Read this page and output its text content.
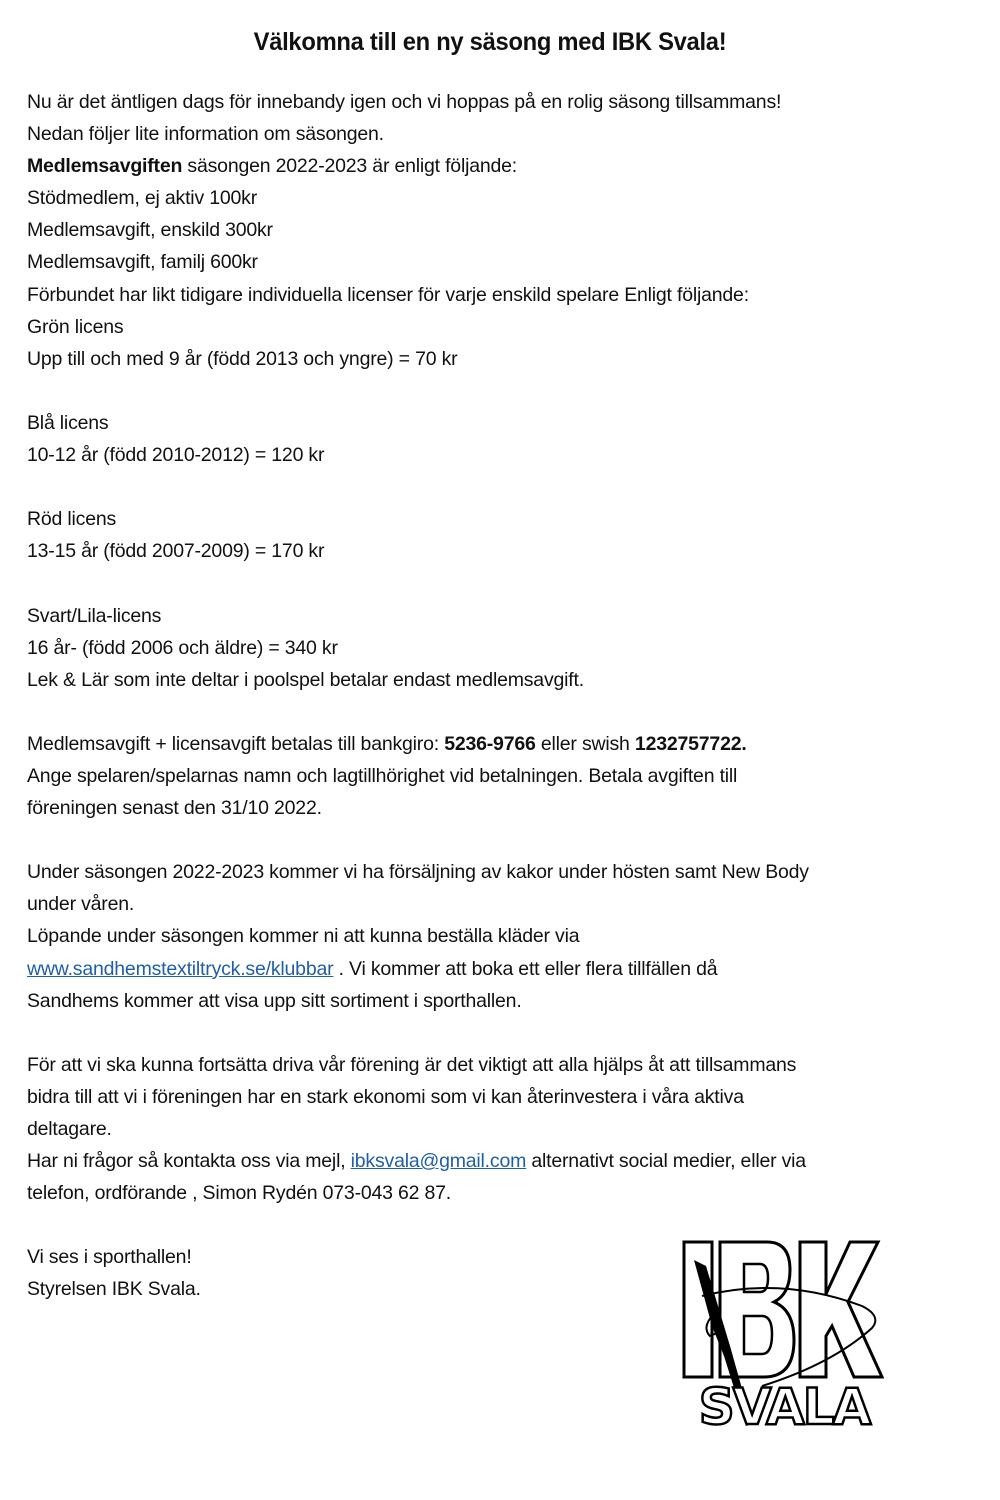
Välkomna till en ny säsong med IBK Svala!
Nu är det äntligen dags för innebandy igen och vi hoppas på en rolig säsong tillsammans!
Nedan följer lite information om säsongen.
Medlemsavgiften säsongen 2022-2023 är enligt följande:
Stödmedlem, ej aktiv 100kr
Medlemsavgift, enskild 300kr
Medlemsavgift, familj 600kr
Förbundet har likt tidigare individuella licenser för varje enskild spelare Enligt följande:
Grön licens
Upp till och med 9 år (född 2013 och yngre) = 70 kr
Blå licens
10-12 år (född 2010-2012) = 120 kr
Röd licens
13-15 år (född 2007-2009) = 170 kr
Svart/Lila-licens
16 år- (född 2006 och äldre) = 340 kr
Lek & Lär som inte deltar i poolspel betalar endast medlemsavgift.
Medlemsavgift + licensavgift betalas till bankgiro: 5236-9766 eller swish 1232757722.
Ange spelaren/spelarnas namn och lagtillhörighet vid betalningen. Betala avgiften till
föreningen senast den 31/10 2022.
Under säsongen 2022-2023 kommer vi ha försäljning av kakor under hösten samt New Body
under våren.
Löpande under säsongen kommer ni att kunna beställa kläder via
www.sandhemstextiltryck.se/klubbar . Vi kommer att boka ett eller flera tillfällen då
Sandhems kommer att visa upp sitt sortiment i sporthallen.
För att vi ska kunna fortsätta driva vår förening är det viktigt att alla hjälps åt att tillsammans
bidra till att vi i föreningen har en stark ekonomi som vi kan återinvestera i våra aktiva
deltagare.
Har ni frågor så kontakta oss via mejl, ibksvala@gmail.com alternativt social medier, eller via
telefon, ordförande , Simon Rydén 073-043 62 87.
Vi ses i sporthallen!
Styrelsen IBK Svala.
SVALA
